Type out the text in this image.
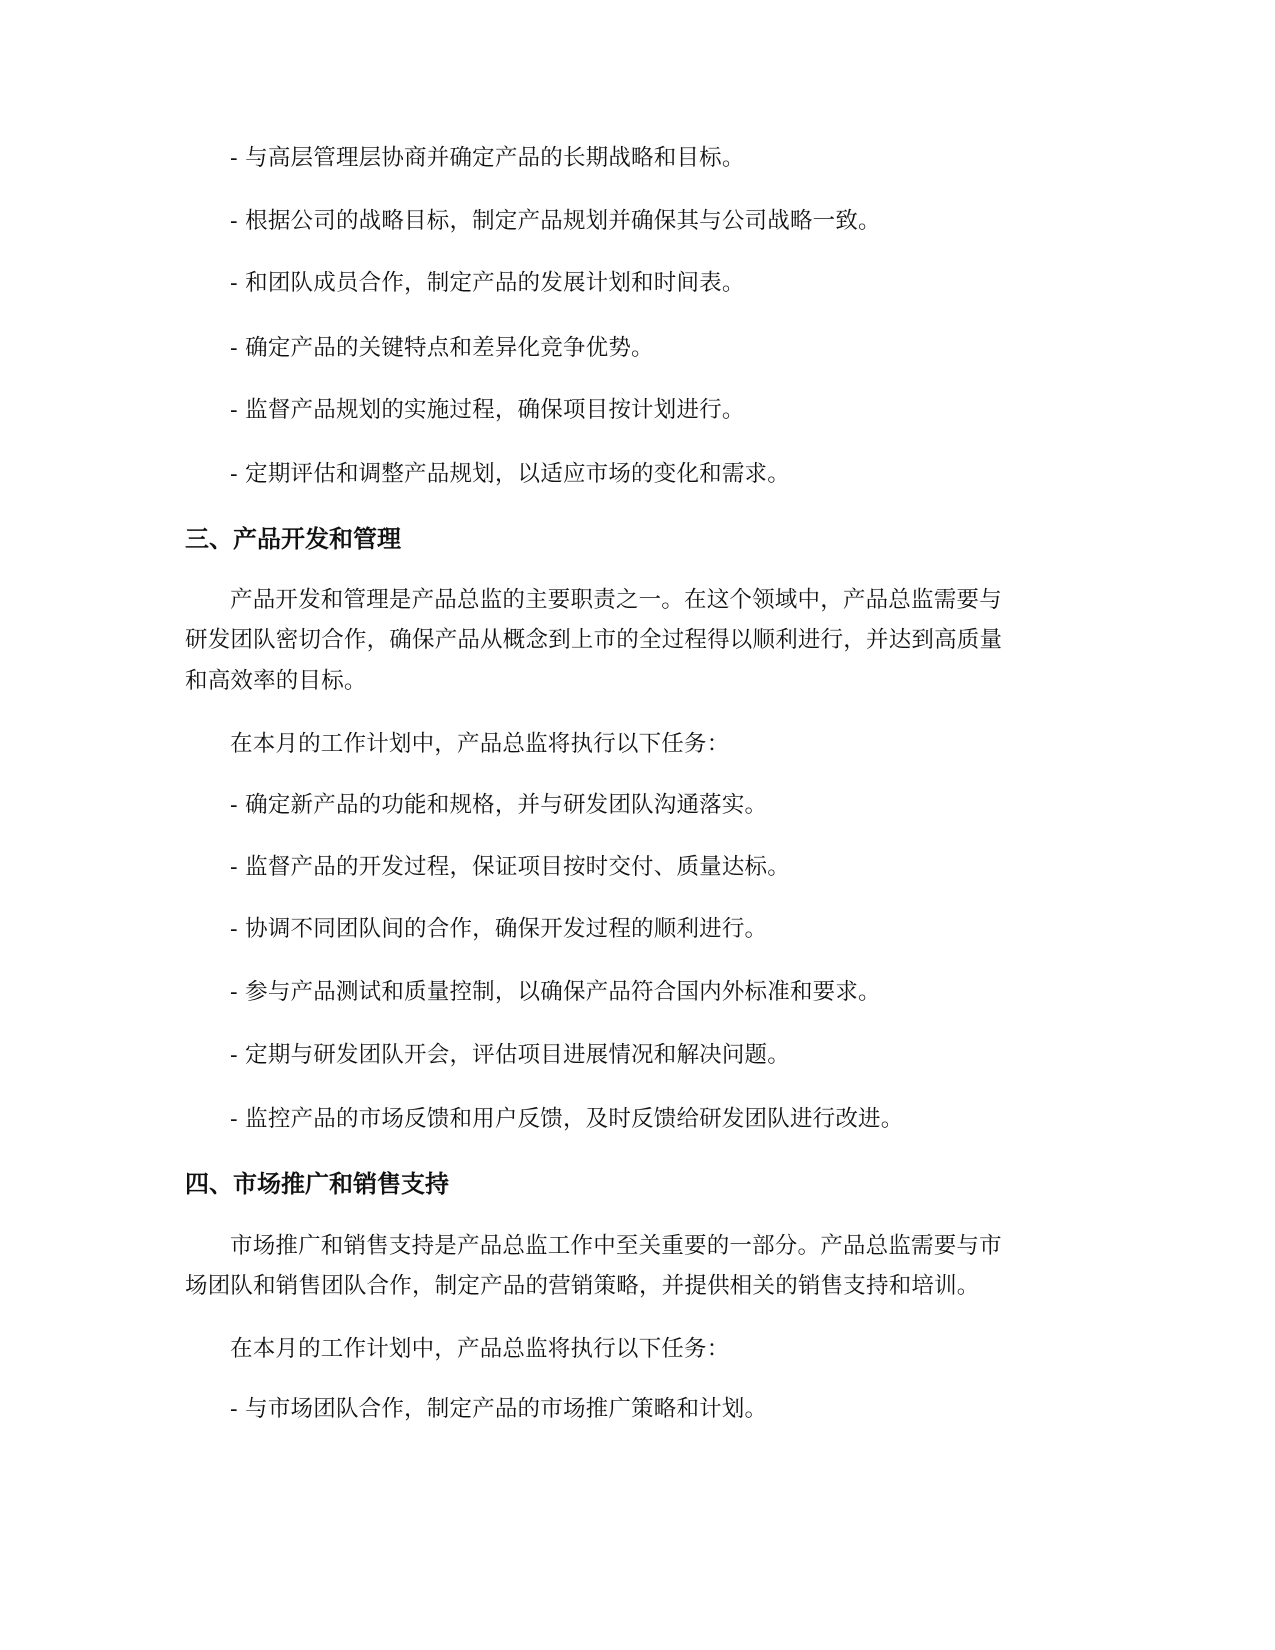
- 与高层管理层协商并确定产品的长期战略和目标。
- 根据公司的战略目标，制定产品规划并确保其与公司战略一致。
- 和团队成员合作，制定产品的发展计划和时间表。
- 确定产品的关键特点和差异化竞争优势。
- 监督产品规划的实施过程，确保项目按计划进行。
- 定期评估和调整产品规划，以适应市场的变化和需求。
三、产品开发和管理
产品开发和管理是产品总监的主要职责之一。在这个领域中，产品总监需要与
研发团队密切合作，确保产品从概念到上市的全过程得以顺利进行，并达到高质量
和高效率的目标。
在本月的工作计划中，产品总监将执行以下任务：
- 确定新产品的功能和规格，并与研发团队沟通落实。
- 监督产品的开发过程，保证项目按时交付、质量达标。
- 协调不同团队间的合作，确保开发过程的顺利进行。
- 参与产品测试和质量控制，以确保产品符合国内外标准和要求。
- 定期与研发团队开会，评估项目进展情况和解决问题。
- 监控产品的市场反馈和用户反馈，及时反馈给研发团队进行改进。
四、市场推广和销售支持
市场推广和销售支持是产品总监工作中至关重要的一部分。产品总监需要与市
场团队和销售团队合作，制定产品的营销策略，并提供相关的销售支持和培训。
在本月的工作计划中，产品总监将执行以下任务：
- 与市场团队合作，制定产品的市场推广策略和计划。
